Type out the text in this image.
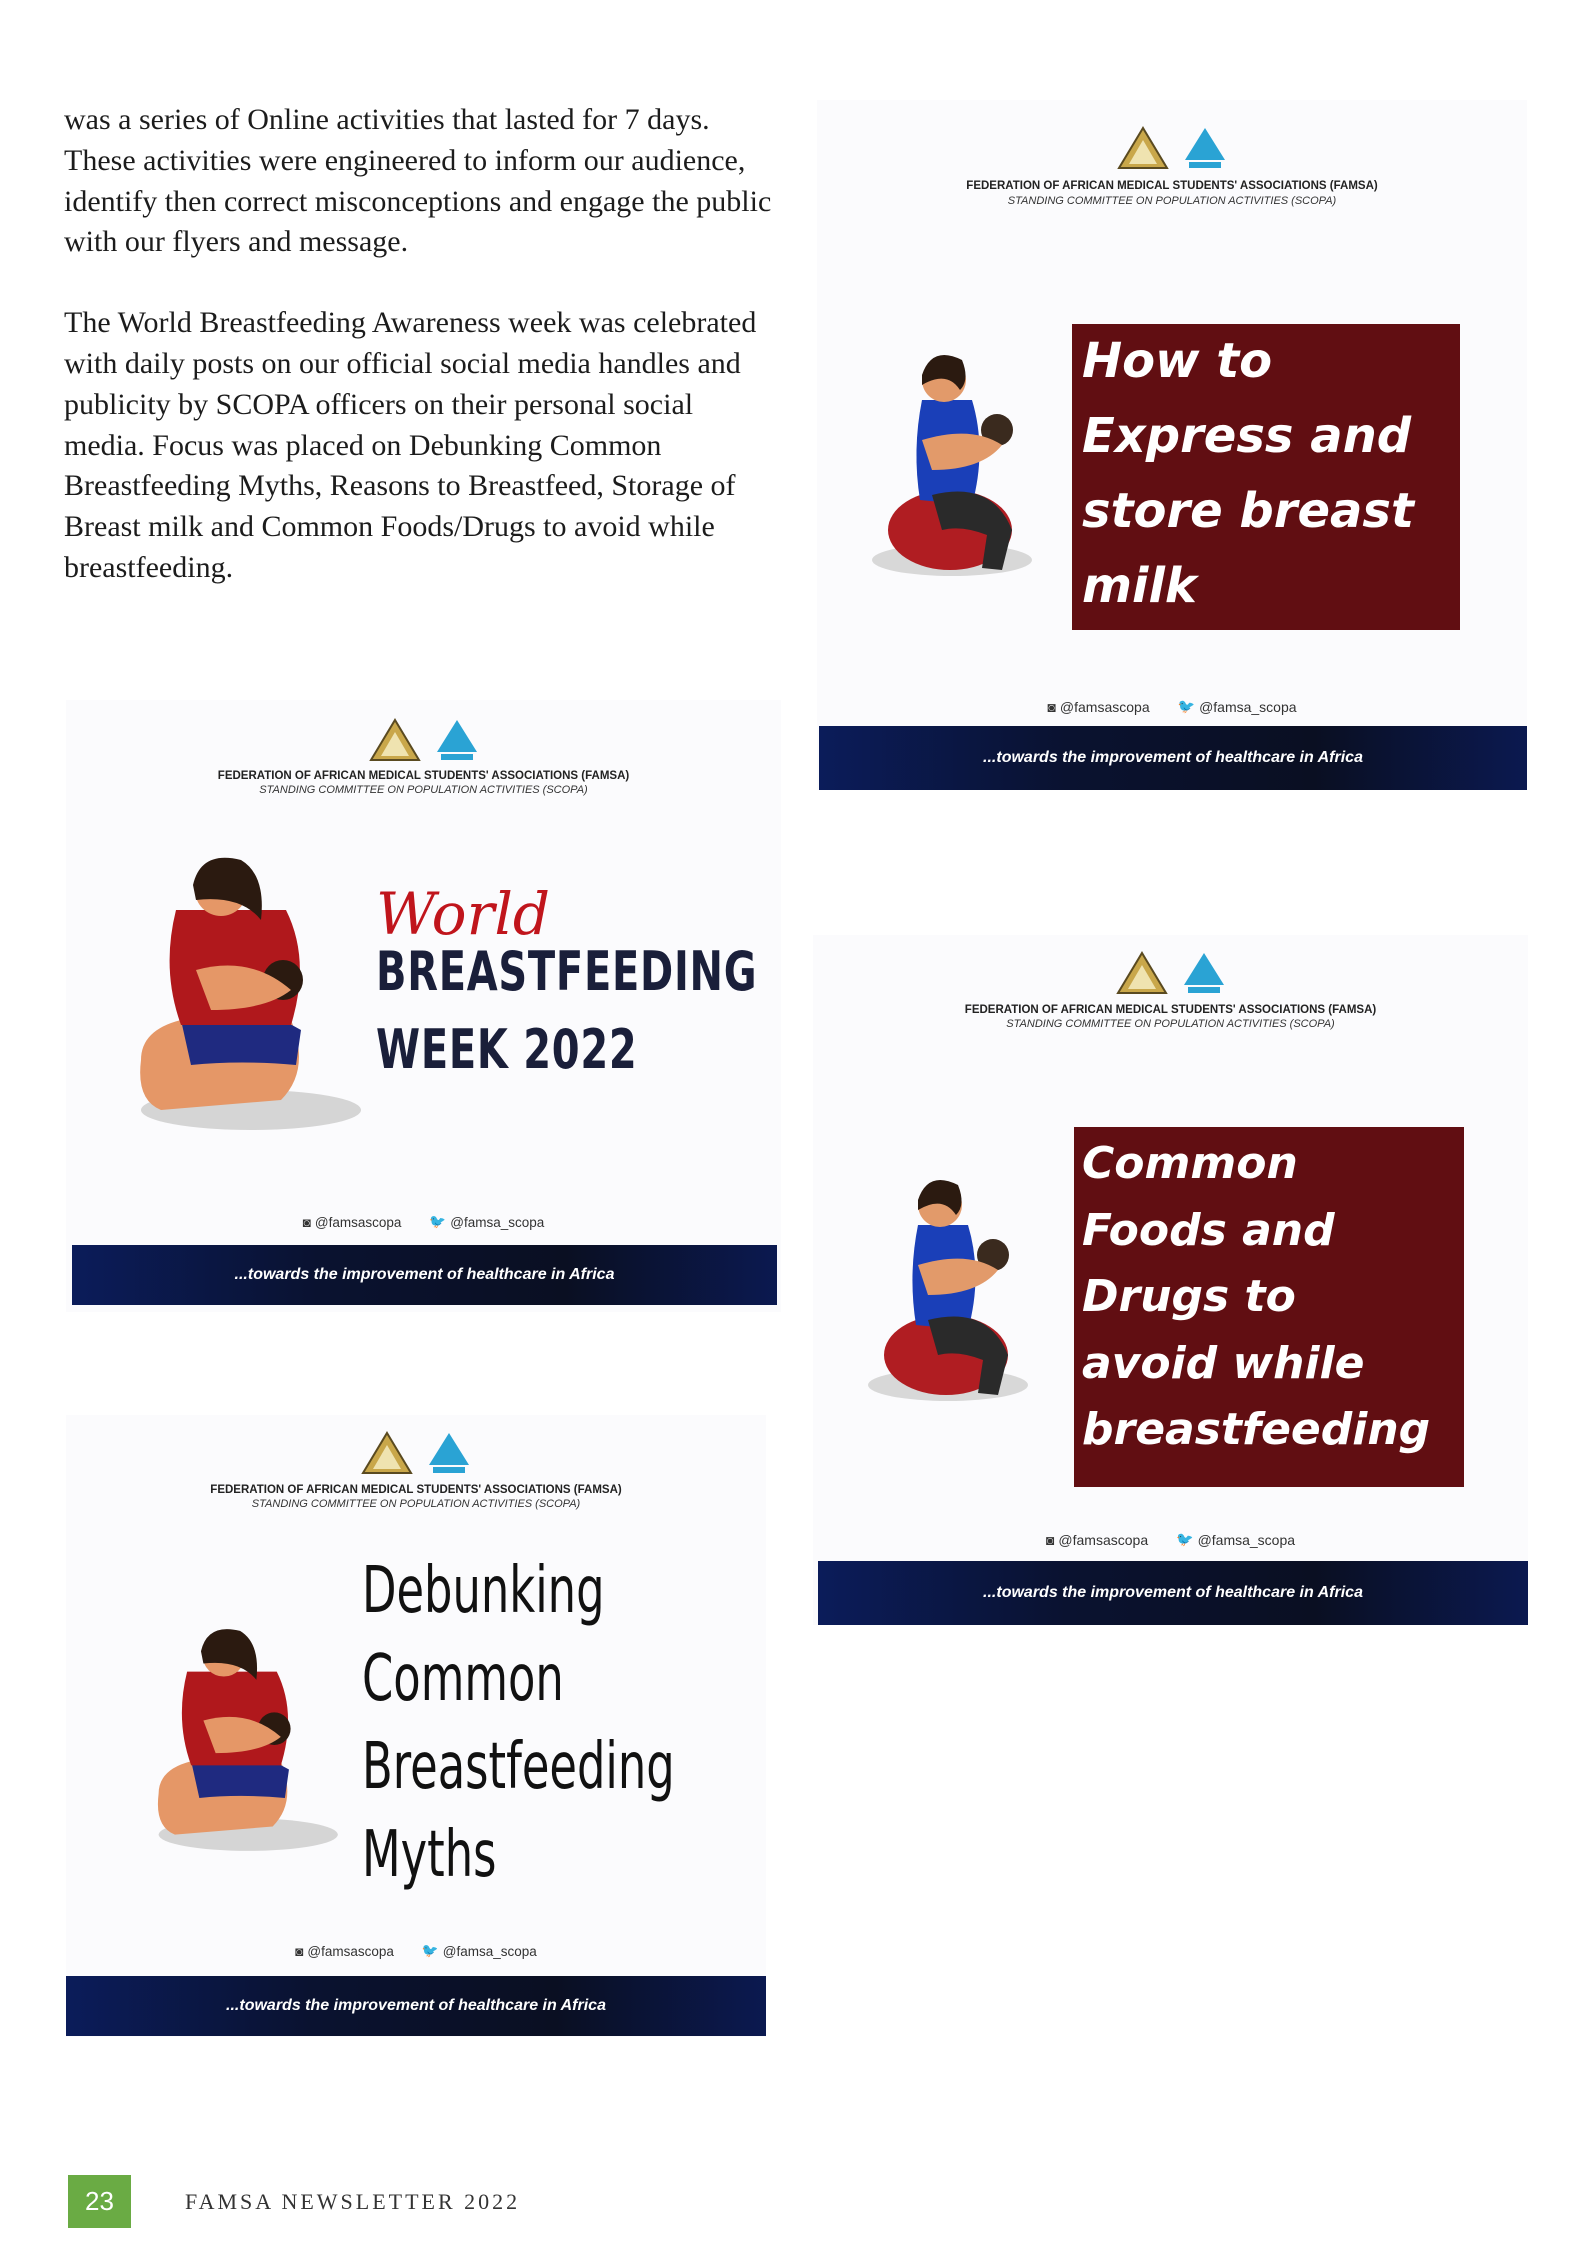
was a series of Online activities that lasted for 7 days. These activities were engineered to inform our audience, identify then correct misconceptions and engage the public with our flyers and message.

The World Breastfeeding Awareness week was celebrated with daily posts on our official social media handles and publicity by SCOPA officers on their personal social media. Focus was placed on Debunking Common Breastfeeding Myths, Reasons to Breastfeed, Storage of Breast milk and Common Foods/Drugs to avoid while breastfeeding.

FEDERATION OF AFRICAN MEDICAL STUDENTS' ASSOCIATIONS (FAMSA)
STANDING COMMITTEE ON POPULATION ACTIVITIES (SCOPA)
How to
Express and
store breast
milk
◙ @famsascopa 🐦 @famsa_scopa
...towards the improvement of healthcare in Africa
FEDERATION OF AFRICAN MEDICAL STUDENTS' ASSOCIATIONS (FAMSA)
STANDING COMMITTEE ON POPULATION ACTIVITIES (SCOPA)
World
BREASTFEEDING
WEEK 2022
◙ @famsascopa 🐦 @famsa_scopa
...towards the improvement of healthcare in Africa
FEDERATION OF AFRICAN MEDICAL STUDENTS' ASSOCIATIONS (FAMSA)
STANDING COMMITTEE ON POPULATION ACTIVITIES (SCOPA)
Common
Foods and
Drugs to
avoid while
breastfeeding
◙ @famsascopa 🐦 @famsa_scopa
...towards the improvement of healthcare in Africa
FEDERATION OF AFRICAN MEDICAL STUDENTS' ASSOCIATIONS (FAMSA)
STANDING COMMITTEE ON POPULATION ACTIVITIES (SCOPA)
Debunking
Common
Breastfeeding
Myths
◙ @famsascopa 🐦 @famsa_scopa
...towards the improvement of healthcare in Africa
23	FAMSA NEWSLETTER 2022
